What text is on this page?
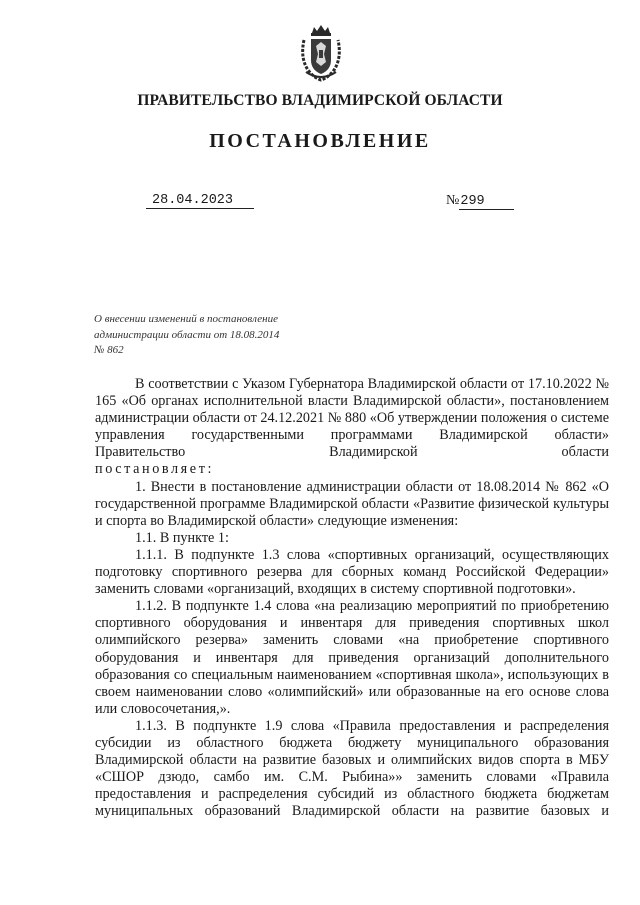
ПРАВИТЕЛЬСТВО ВЛАДИМИРСКОЙ ОБЛАСТИ
ПОСТАНОВЛЕНИЕ
28.04.2023	№299
О внесении изменений в постановление
администрации области от 18.08.2014
№ 862

В соответствии с Указом Губернатора Владимирской области от 17.10.2022 № 165 «Об органах исполнительной власти Владимирской области», постановлением администрации области от 24.12.2021 № 880 «Об утверждении положения о системе управления государственными программами Владимирской области» Правительство Владимирской области

постановляет:

1. Внести в постановление администрации области от 18.08.2014 № 862 «О государственной программе Владимирской области «Развитие физической культуры и спорта во Владимирской области» следующие изменения:

1.1. В пункте 1:

1.1.1. В подпункте 1.3 слова «спортивных организаций, осуществляющих подготовку спортивного резерва для сборных команд Российской Федерации» заменить словами «организаций, входящих в систему спортивной подготовки».

1.1.2. В подпункте 1.4 слова «на реализацию мероприятий по приобретению спортивного оборудования и инвентаря для приведения спортивных школ олимпийского резерва» заменить словами «на приобретение спортивного оборудования и инвентаря для приведения организаций дополнительного образования со специальным наименованием «спортивная школа», использующих в своем наименовании слово «олимпийский» или образованные на его основе слова или словосочетания,».

1.1.3. В подпункте 1.9 слова «Правила предоставления и распределения субсидии из областного бюджета бюджету муниципального образования Владимирской области на развитие базовых и олимпийских видов спорта в МБУ «СШОР дзюдо, самбо им. С.М. Рыбина»» заменить словами «Правила предоставления и распределения субсидий из областного бюджета бюджетам муниципальных образований Владимирской области на развитие базовых и
